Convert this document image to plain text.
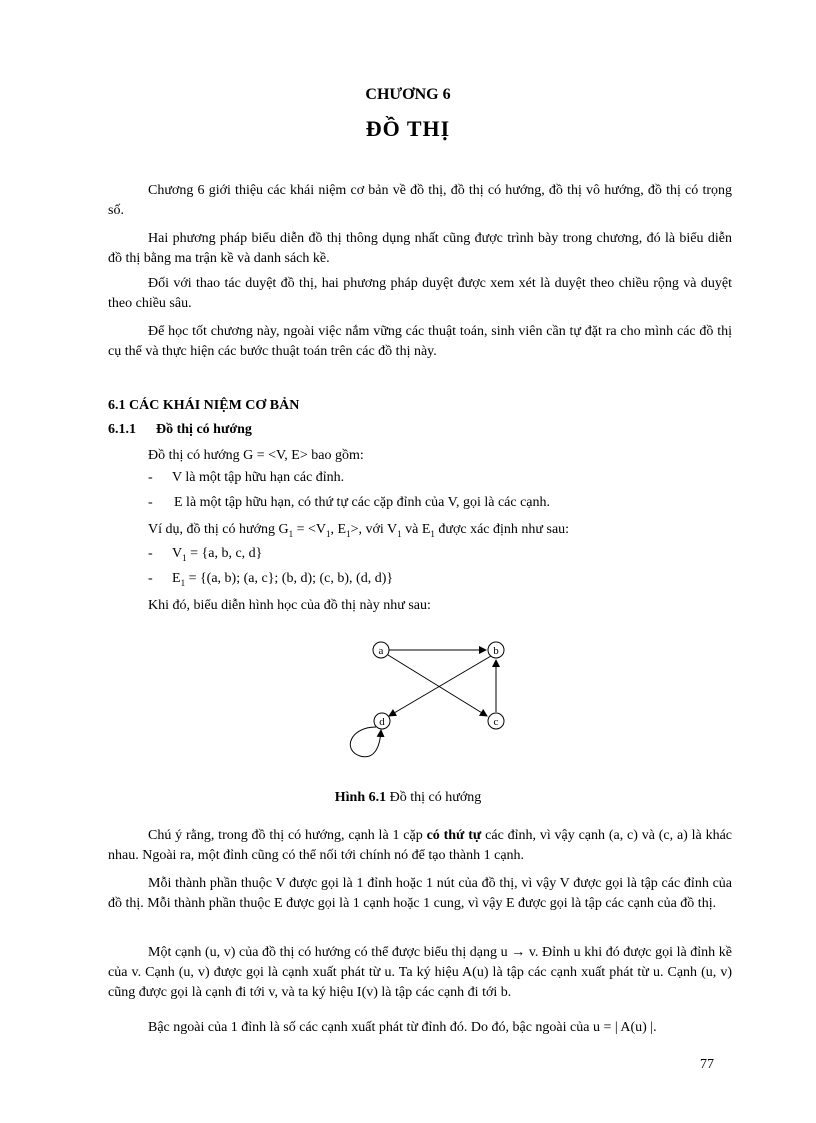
CHƯƠNG 6
ĐỒ THỊ

Chương 6 giới thiệu các khái niệm cơ bản về đồ thị, đồ thị có hướng, đồ thị vô hướng, đồ thị có trọng số.

Hai phương pháp biểu diễn đồ thị thông dụng nhất cũng được trình bày trong chương, đó là biểu diễn đồ thị bằng ma trận kề và danh sách kề.

Đối với thao tác duyệt đồ thị, hai phương pháp duyệt được xem xét là duyệt theo chiều rộng và duyệt theo chiều sâu.

Để học tốt chương này, ngoài việc nắm vững các thuật toán, sinh viên cần tự đặt ra cho mình các đồ thị cụ thể và thực hiện các bước thuật toán trên các đồ thị này.

6.1 CÁC KHÁI NIỆM CƠ BẢN
6.1.1 Đồ thị có hướng
Đồ thị có hướng G = <V, E> bao gồm:
- V là một tập hữu hạn các đỉnh.
- E là một tập hữu hạn, có thứ tự các cặp đỉnh của V, gọi là các cạnh.
Ví dụ, đồ thị có hướng $G_1 = <V_1$, $E_1>$, với $V_1$ và $E_1$ được xác định như sau:
- $V_1 = \{a$, b, c, d}
- $E_1 = \{(a$, b); (a, c}; (b, d); (c, b), (d, d)}
Khi đó, biểu diễn hình học của đồ thị này như sau:
a	b
c
d
Hình 6.1 Đồ thị có hướng

Chú ý rằng, trong đồ thị có hướng, cạnh là 1 cặp có thứ tự các đỉnh, vì vậy cạnh (a, c) và (c, a) là khác nhau. Ngoài ra, một đỉnh cũng có thể nối tới chính nó để tạo thành 1 cạnh.

Mỗi thành phần thuộc V được gọi là 1 đỉnh hoặc 1 nút của đồ thị, vì vậy V được gọi là tập các đỉnh của đồ thị. Mỗi thành phần thuộc E được gọi là 1 cạnh hoặc 1 cung, vì vậy E được gọi là tập các cạnh của đồ thị.

Một cạnh (u, v) của đồ thị có hướng có thể được biểu thị dạng u → v. Đỉnh u khi đó được gọi là đỉnh kề của v. Cạnh (u, v) được gọi là cạnh xuất phát từ u. Ta ký hiệu A(u) là tập các cạnh xuất phát từ u. Cạnh (u, v) cũng được gọi là cạnh đi tới v, và ta ký hiệu I(v) là tập các cạnh đi tới b.

Bậc ngoài của 1 đỉnh là số các cạnh xuất phát từ đỉnh đó. Do đó, bậc ngoài của u = | A(u) |.

77
